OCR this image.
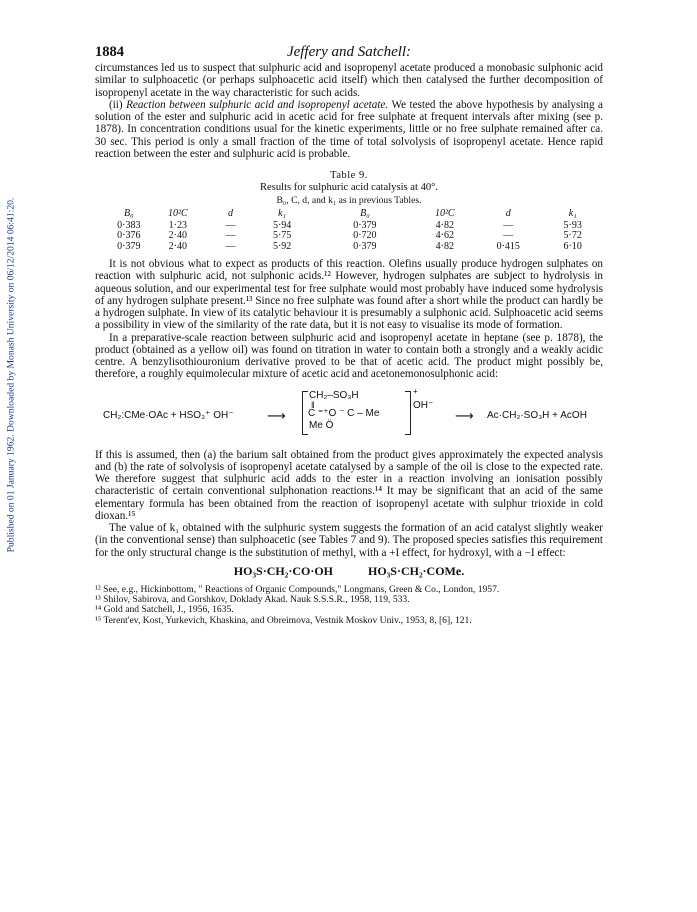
Published on 01 January 1962. Downloaded by Monash University on 06/12/2014 06:41:20.
1884	Jeffery and Satchell:

circumstances led us to suspect that sulphuric acid and isopropenyl acetate produced a monobasic sulphonic acid similar to sulphoacetic (or perhaps sulphoacetic acid itself) which then catalysed the further decomposition of isopropenyl acetate in the way characteristic for such acids.

(ii) Reaction between sulphuric acid and isopropenyl acetate. We tested the above hypothesis by analysing a solution of the ester and sulphuric acid in acetic acid for free sulphate at frequent intervals after mixing (see p. 1878). In concentration conditions usual for the kinetic experiments, little or no free sulphate remained after ca. 30 sec. This period is only a small fraction of the time of total solvolysis of isopropenyl acetate. Hence rapid reaction between the ester and sulphuric acid is probable.

Table 9.
Results for sulphuric acid catalysis at 40°.
B₀, C, d, and k₁ as in previous Tables.
B₀	10²C	d	k₁	B₀	10²C	d	k₁
0·383	1·23	—	5·94	0·379	4·82	—	5·93
0·376	2·40	—	5·75	0·720	4·62	—	5·72
0·379	2·40	—	5·92	0·379	4·82	0·415	6·10

It is not obvious what to expect as products of this reaction. Olefins usually produce hydrogen sulphates on reaction with sulphuric acid, not sulphonic acids.¹² However, hydrogen sulphates are subject to hydrolysis in aqueous solution, and our experimental test for free sulphate would most probably have induced some hydrolysis of any hydrogen sulphate present.¹³ Since no free sulphate was found after a short while the product can hardly be a hydrogen sulphate. In view of its catalytic behaviour it is presumably a sulphonic acid. Sulphoacetic acid seems a possibility in view of the similarity of the rate data, but it is not easy to visualise its mode of formation.

In a preparative-scale reaction between sulphuric acid and isopropenyl acetate in heptane (see p. 1878), the product (obtained as a yellow oil) was found on titration in water to contain both a strongly and a weakly acidic centre. A benzylisothiouronium derivative proved to be that of acetic acid. The product might possibly be, therefore, a roughly equimolecular mixture of acetic acid and acetonemonosulphonic acid:

CH₂:CMe·OAc + HSO₃⁺ OH⁻	⟶
CH₂–SO₃H
‖
C ⁼⁺O ⁻ C – Me
Me Ö
+
OH⁻
⟶ Ac·CH₂·SO₃H + AcOH

If this is assumed, then (a) the barium salt obtained from the product gives approximately the expected analysis and (b) the rate of solvolysis of isopropenyl acetate catalysed by a sample of the oil is close to the expected rate. We therefore suggest that sulphuric acid adds to the ester in a reaction involving an ionisation possibly characteristic of certain conventional sulphonation reactions.¹⁴ It may be significant that an acid of the same elementary formula has been obtained from the reaction of isopropenyl acetate with sulphur trioxide in cold dioxan.¹⁵

The value of k₁ obtained with the sulphuric system suggests the formation of an acid catalyst slightly weaker (in the conventional sense) than sulphoacetic (see Tables 7 and 9). The proposed species satisfies this requirement for the only structural change is the substitution of methyl, with a +I effect, for hydroxyl, with a −I effect:

HO₃S·CH₂·CO·OH	HO₃S·CH₂·COMe.

¹² See, e.g., Hickinbottom, " Reactions of Organic Compounds," Longmans, Green & Co., London, 1957.

¹³ Shilov, Sabirova, and Gorshkov, Doklady Akad. Nauk S.S.S.R., 1958, 119, 533.

¹⁴ Gold and Satchell, J., 1956, 1635.

¹⁵ Terent'ev, Kost, Yurkevich, Khaskina, and Obreimova, Vestnik Moskov Univ., 1953, 8, [6], 121.
